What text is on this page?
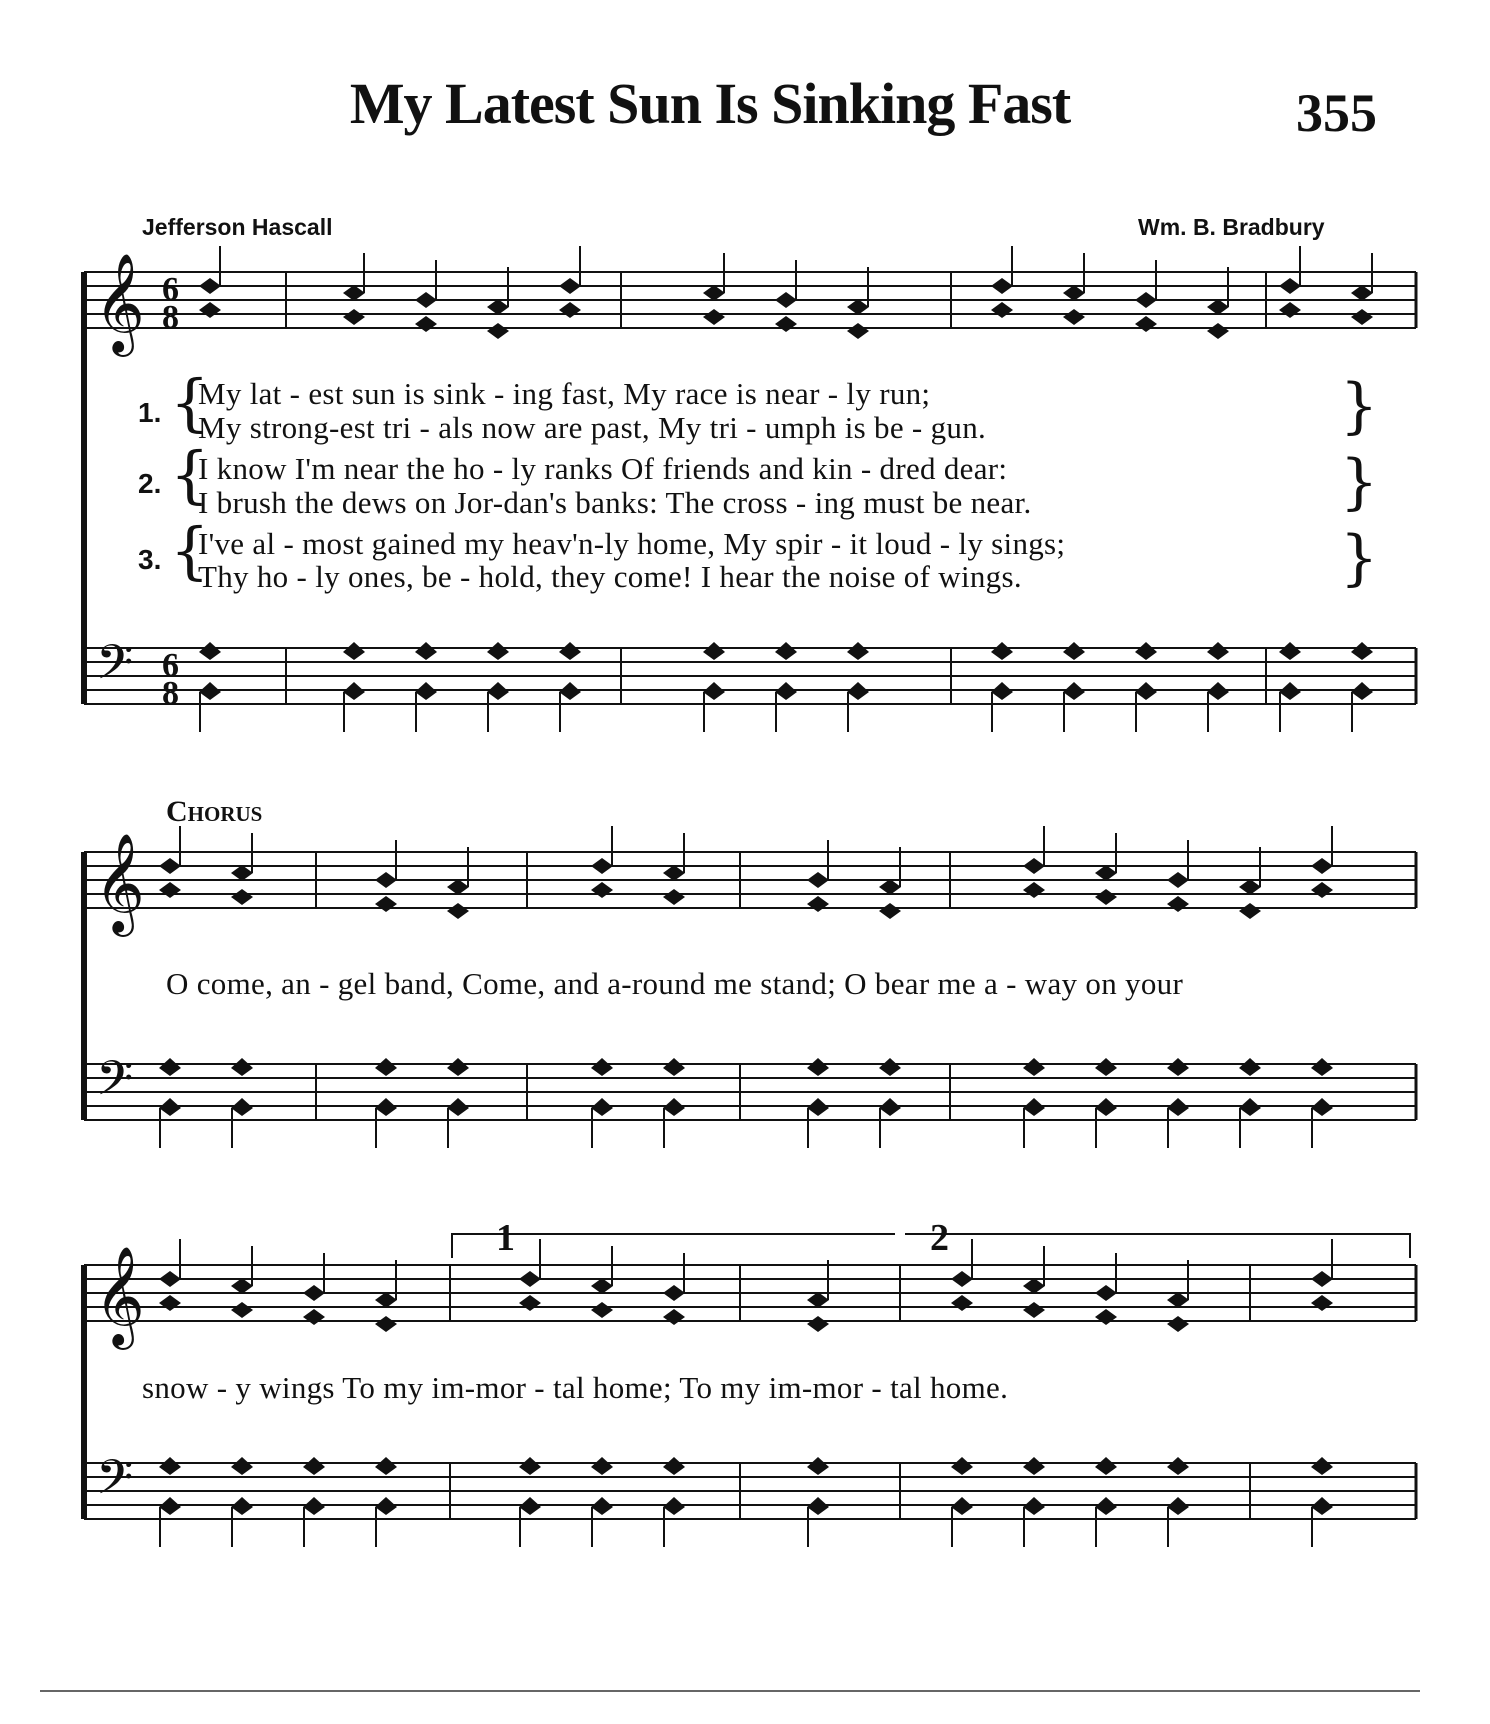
My Latest Sun Is Sinking Fast	355
Jefferson Hascall	Wm. B. Bradbury
𝄞
𝄢
6
8
6
8
𝄞
𝄢
𝄞
𝄢
1. {
My lat - est sun is sink - ing fast, My race is near - ly run;
My strong-est tri - als now are past, My tri - umph is be - gun.	}
2. {
I know I'm near the ho - ly ranks Of friends and kin - dred dear:
I brush the dews on Jor-dan's banks: The cross - ing must be near.	}
3. {
I've al - most gained my heav'n-ly home, My spir - it loud - ly sings;
Thy ho - ly ones, be - hold, they come! I hear the noise of wings.	}
Chorus
O come, an - gel band, Come, and a-round me stand; O bear me a - way on your
snow - y wings To my im-mor - tal home; To my im-mor - tal home.
1	2
